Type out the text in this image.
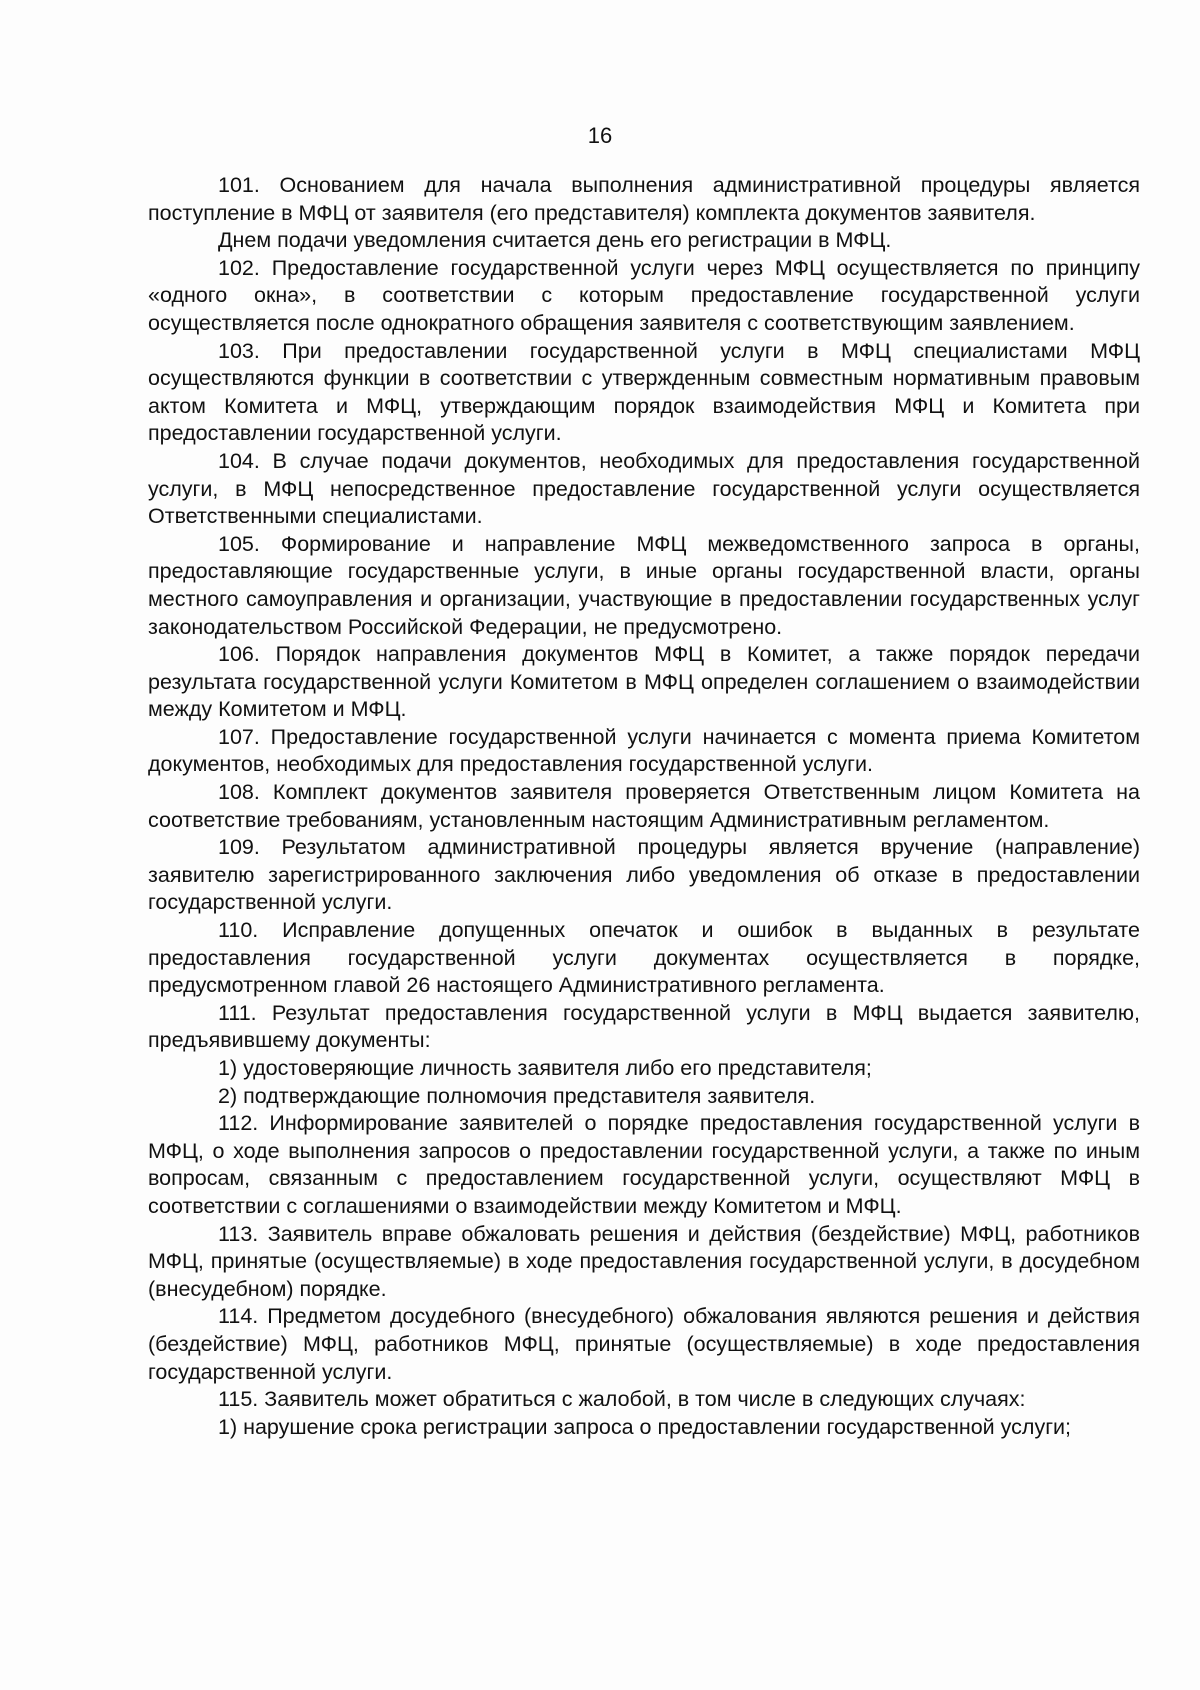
16

101. Основанием для начала выполнения административной процедуры является поступление в МФЦ от заявителя (его представителя) комплекта документов заявителя.

Днем подачи уведомления считается день его регистрации в МФЦ.

102. Предоставление государственной услуги через МФЦ осуществляется по принципу «одного окна», в соответствии с которым предоставление государственной услуги осуществляется после однократного обращения заявителя с соответствующим заявлением.

103. При предоставлении государственной услуги в МФЦ специалистами МФЦ осуществляются функции в соответствии с утвержденным совместным нормативным правовым актом Комитета и МФЦ, утверждающим порядок взаимодействия МФЦ и Комитета при предоставлении государственной услуги.

104. В случае подачи документов, необходимых для предоставления государственной услуги, в МФЦ непосредственное предоставление государственной услуги осуществляется Ответственными специалистами.

105. Формирование и направление МФЦ межведомственного запроса в органы, предоставляющие государственные услуги, в иные органы государственной власти, органы местного самоуправления и организации, участвующие в предоставлении государственных услуг законодательством Российской Федерации, не предусмотрено.

106. Порядок направления документов МФЦ в Комитет, а также порядок передачи результата государственной услуги Комитетом в МФЦ определен соглашением о взаимодействии между Комитетом и МФЦ.

107. Предоставление государственной услуги начинается с момента приема Комитетом документов, необходимых для предоставления государственной услуги.

108. Комплект документов заявителя проверяется Ответственным лицом Комитета на соответствие требованиям, установленным настоящим Административным регламентом.

109. Результатом административной процедуры является вручение (направление) заявителю зарегистрированного заключения либо уведомления об отказе в предоставлении государственной услуги.

110. Исправление допущенных опечаток и ошибок в выданных в результате предоставления государственной услуги документах осуществляется в порядке, предусмотренном главой 26 настоящего Административного регламента.

111. Результат предоставления государственной услуги в МФЦ выдается заявителю, предъявившему документы:

1) удостоверяющие личность заявителя либо его представителя;

2) подтверждающие полномочия представителя заявителя.

112. Информирование заявителей о порядке предоставления государственной услуги в МФЦ, о ходе выполнения запросов о предоставлении государственной услуги, а также по иным вопросам, связанным с предоставлением государственной услуги, осуществляют МФЦ в соответствии с соглашениями о взаимодействии между Комитетом и МФЦ.

113. Заявитель вправе обжаловать решения и действия (бездействие) МФЦ, работников МФЦ, принятые (осуществляемые) в ходе предоставления государственной услуги, в досудебном (внесудебном) порядке.

114. Предметом досудебного (внесудебного) обжалования являются решения и действия (бездействие) МФЦ, работников МФЦ, принятые (осуществляемые) в ходе предоставления государственной услуги.

115. Заявитель может обратиться с жалобой, в том числе в следующих случаях:

1) нарушение срока регистрации запроса о предоставлении государственной услуги;
